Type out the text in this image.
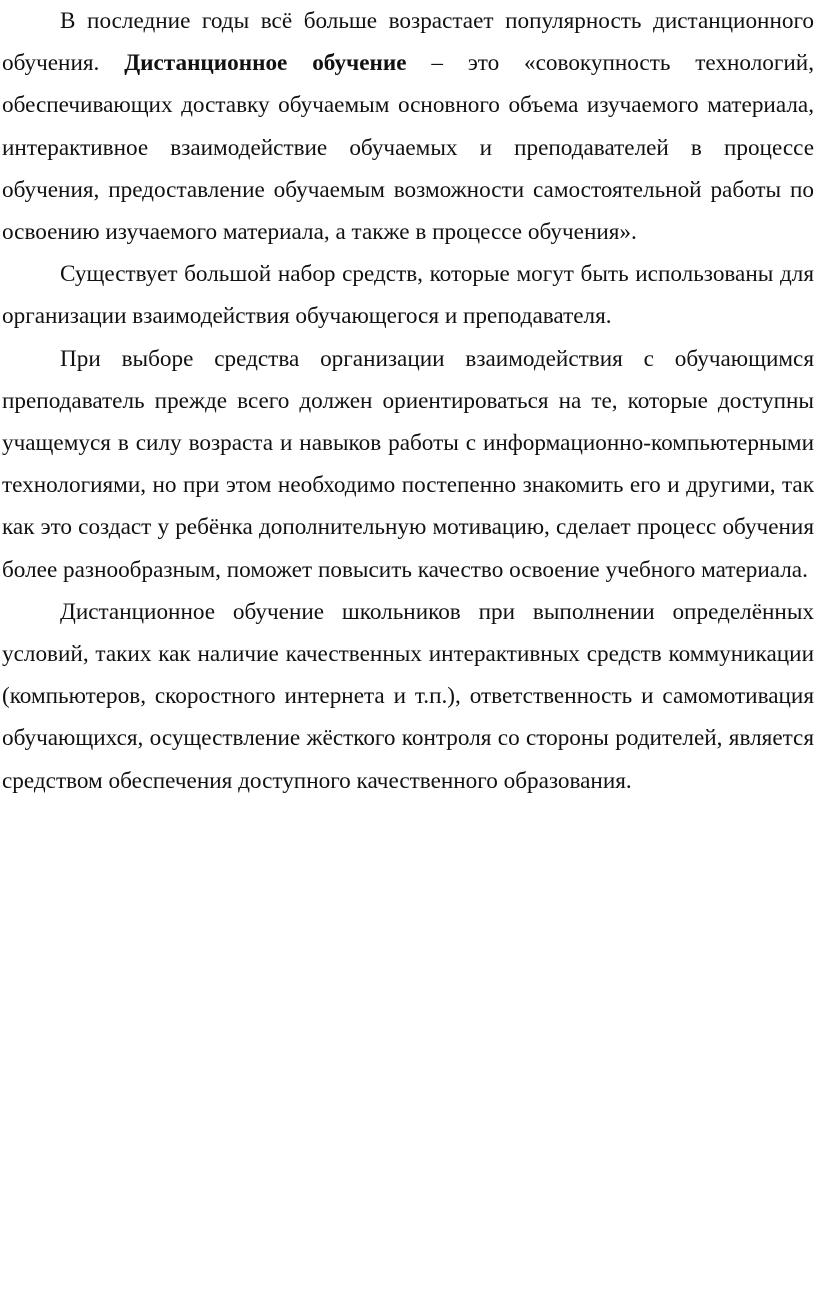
В последние годы всё больше возрастает популярность дистанционного обучения. Дистанционное обучение – это «совокупность технологий, обеспечивающих доставку обучаемым основного объема изучаемого материала, интерактивное взаимодействие обучаемых и преподавателей в процессе обучения, предоставление обучаемым возможности самостоятельной работы по освоению изучаемого материала, а также в процессе обучения».

Существует большой набор средств, которые могут быть использованы для организации взаимодействия обучающегося и преподавателя.

При выборе средства организации взаимодействия с обучающимся преподаватель прежде всего должен ориентироваться на те, которые доступны учащемуся в силу возраста и навыков работы с информационно-компьютерными технологиями, но при этом необходимо постепенно знакомить его и другими, так как это создаст у ребёнка дополнительную мотивацию, сделает процесс обучения более разнообразным, поможет повысить качество освоение учебного материала.

Дистанционное обучение школьников при выполнении определённых условий, таких как наличие качественных интерактивных средств коммуникации (компьютеров, скоростного интернета и т.п.), ответственность и самомотивация обучающихся, осуществление жёсткого контроля со стороны родителей, является средством обеспечения доступного качественного образования.
